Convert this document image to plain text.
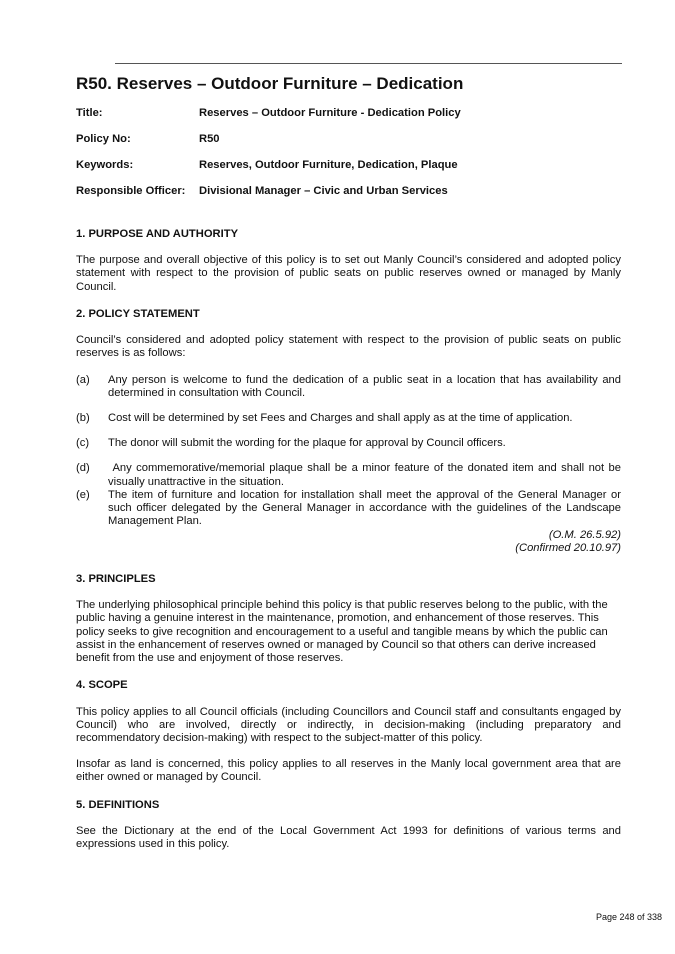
R50. Reserves – Outdoor Furniture – Dedication
Title:	Reserves – Outdoor Furniture - Dedication Policy
Policy No:	R50
Keywords:	Reserves, Outdoor Furniture, Dedication, Plaque
Responsible Officer:	Divisional Manager – Civic and Urban Services
1. PURPOSE AND AUTHORITY

The purpose and overall objective of this policy is to set out Manly Council’s considered and adopted policy statement with respect to the provision of public seats on public reserves owned or managed by Manly Council.

2. POLICY STATEMENT

Council’s considered and adopted policy statement with respect to the provision of public seats on public reserves is as follows:

(a)	Any person is welcome to fund the dedication of a public seat in a location that has availability and determined in consultation with Council.
(b)	Cost will be determined by set Fees and Charges and shall apply as at the time of application.
(c)	The donor will submit the wording for the plaque for approval by Council officers.
(d)	Any commemorative/memorial plaque shall be a minor feature of the donated item and shall not be visually unattractive in the situation.
(e)	The item of furniture and location for installation shall meet the approval of the General Manager or such officer delegated by the General Manager in accordance with the guidelines of the Landscape Management Plan.
(O.M. 26.5.92)
(Confirmed 20.10.97)
3. PRINCIPLES

The underlying philosophical principle behind this policy is that public reserves belong to the public, with the public having a genuine interest in the maintenance, promotion, and enhancement of those reserves. This policy seeks to give recognition and encouragement to a useful and tangible means by which the public can assist in the enhancement of reserves owned or managed by Council so that others can derive increased benefit from the use and enjoyment of those reserves.

4. SCOPE

This policy applies to all Council officials (including Councillors and Council staff and consultants engaged by Council) who are involved, directly or indirectly, in decision-making (including preparatory and recommendatory decision-making) with respect to the subject-matter of this policy.

Insofar as land is concerned, this policy applies to all reserves in the Manly local government area that are either owned or managed by Council.

5. DEFINITIONS

See the Dictionary at the end of the Local Government Act 1993 for definitions of various terms and expressions used in this policy.

Page 248 of 338
